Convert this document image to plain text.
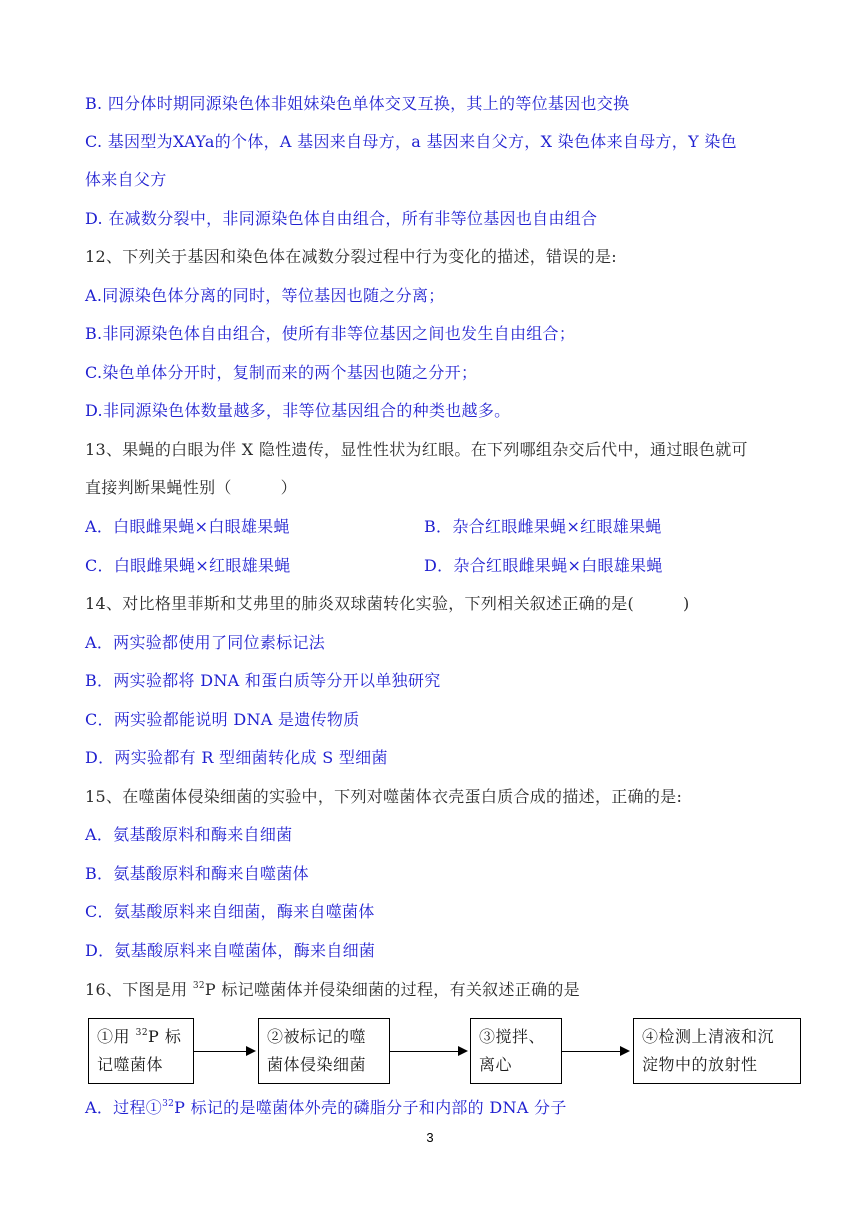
B. 四分体时期同源染色体非姐妹染色单体交叉互换，其上的等位基因也交换
C. 基因型为XAYa的个体，A 基因来自母方，a 基因来自父方，X 染色体来自母方，Y 染色
体来自父方
D. 在减数分裂中，非同源染色体自由组合，所有非等位基因也自由组合
12、下列关于基因和染色体在减数分裂过程中行为变化的描述，错误的是:
A.同源染色体分离的同时，等位基因也随之分离；
B.非同源染色体自由组合，使所有非等位基因之间也发生自由组合；
C.染色单体分开时，复制而来的两个基因也随之分开；
D.非同源染色体数量越多，非等位基因组合的种类也越多。
13、果蝇的白眼为伴 X 隐性遗传，显性性状为红眼。在下列哪组杂交后代中，通过眼色就可
直接判断果蝇性别（　　　）
A．白眼雌果蝇×白眼雄果蝇	B．杂合红眼雌果蝇×红眼雄果蝇
C．白眼雌果蝇×红眼雄果蝇	D．杂合红眼雌果蝇×白眼雄果蝇
14、对比格里菲斯和艾弗里的肺炎双球菌转化实验，下列相关叙述正确的是(　　　)
A．两实验都使用了同位素标记法
B．两实验都将 DNA 和蛋白质等分开以单独研究
C．两实验都能说明 DNA 是遗传物质
D．两实验都有 R 型细菌转化成 S 型细菌
15、在噬菌体侵染细菌的实验中，下列对噬菌体衣壳蛋白质合成的描述，正确的是:
A．氨基酸原料和酶来自细菌
B．氨基酸原料和酶来自噬菌体
C．氨基酸原料来自细菌，酶来自噬菌体
D．氨基酸原料来自噬菌体，酶来自细菌
16、下图是用 $^{32}$P 标记噬菌体并侵染细菌的过程，有关叙述正确的是
①用 $^{32}$P 标
记噬菌体
②被标记的噬
菌体侵染细菌
③搅拌、
离心
④检测上清液和沉
淀物中的放射性
A．过程①$^{32}$P 标记的是噬菌体外壳的磷脂分子和内部的 DNA 分子
3
